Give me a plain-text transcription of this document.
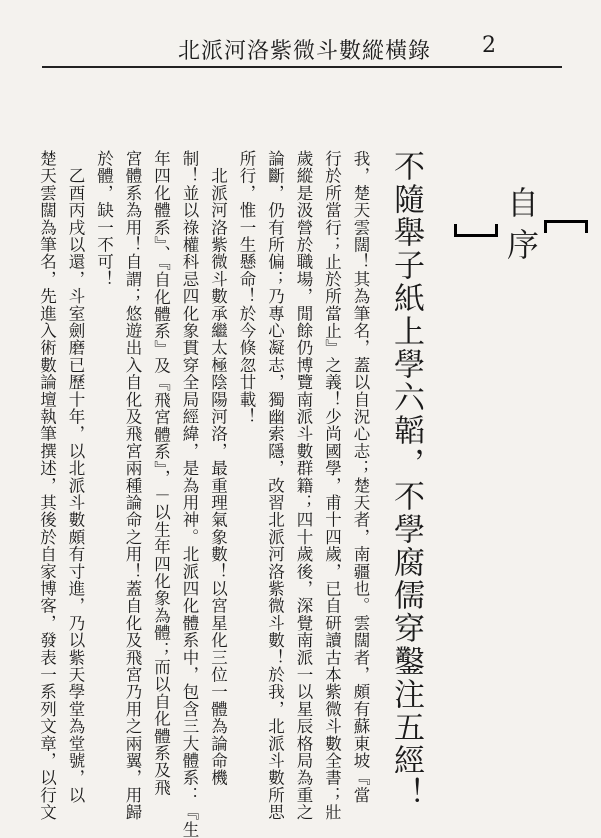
北派河洛紫微斗數縱橫錄 2
自序
不隨舉子紙上學六韜，不學腐儒穿鑿注五經！

我，楚天雲闊！其為筆名，蓋以自況心志；楚天者，南疆也。雲闊者，頗有蘇東坡『當

行於所當行；止於所當止』之義！少尚國學，甫十四歲，已自研讀古本紫微斗數全書；壯

歲縱是汲營於職場，閒餘仍博覽南派斗數群籍；四十歲後，深覺南派一以星辰格局為重之

論斷，仍有所偏；乃專心凝志，獨幽索隱，改習北派河洛紫微斗數！於我，北派斗數所思

所行，惟一生懸命！於今倏忽廿載！

　北派河洛紫微斗數承繼太極陰陽河洛，最重理氣象數！以宮星化三位一體為論命機

制！並以祿權科忌四化象貫穿全局經緯，是為用神。北派四化體系中，包含三大體系：『生

年四化體系』、『自化體系』及『飛宮體系』，－以生年四化象為體；而以自化體系及飛

宮體系為用！自謂；悠遊出入自化及飛宮兩種論命之用！蓋自化及飛宮乃用之兩翼，用歸

於體，缺一不可！

　乙酉丙戌以還，斗室劍磨已歷十年，以北派斗數頗有寸進，乃以紫天學堂為堂號，以

楚天雲闊為筆名，先進入術數論壇執筆撰述，其後於自家博客，發表一系列文章，以行文
